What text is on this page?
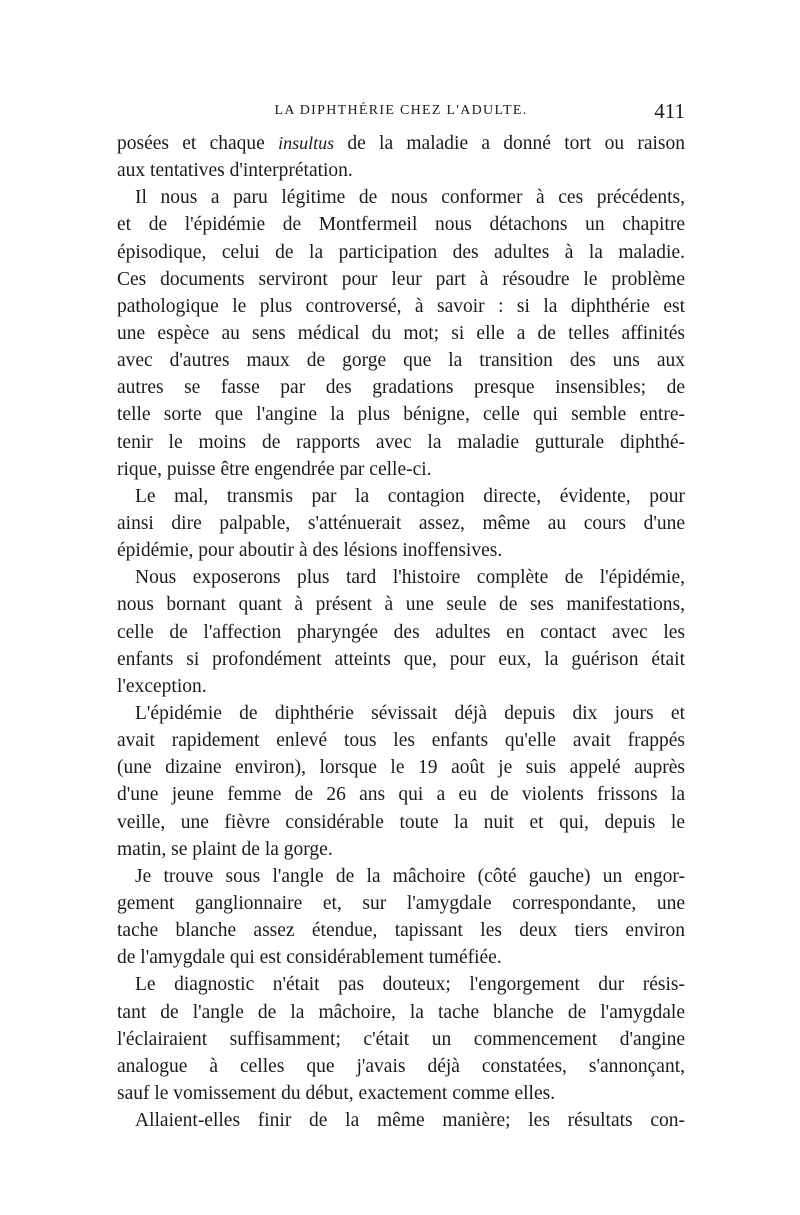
LA DIPHTHÉRIE CHEZ L'ADULTE.	411
posées et chaque insultus de la maladie a donné tort ou raison
aux tentatives d'interprétation.
Il nous a paru légitime de nous conformer à ces précédents,
et de l'épidémie de Montfermeil nous détachons un chapitre
épisodique, celui de la participation des adultes à la maladie.
Ces documents serviront pour leur part à résoudre le problème
pathologique le plus controversé, à savoir : si la diphthérie est
une espèce au sens médical du mot; si elle a de telles affinités
avec d'autres maux de gorge que la transition des uns aux
autres se fasse par des gradations presque insensibles; de
telle sorte que l'angine la plus bénigne, celle qui semble entre-
tenir le moins de rapports avec la maladie gutturale diphthé-
rique, puisse être engendrée par celle-ci.
Le mal, transmis par la contagion directe, évidente, pour
ainsi dire palpable, s'atténuerait assez, même au cours d'une
épidémie, pour aboutir à des lésions inoffensives.
Nous exposerons plus tard l'histoire complète de l'épidémie,
nous bornant quant à présent à une seule de ses manifestations,
celle de l'affection pharyngée des adultes en contact avec les
enfants si profondément atteints que, pour eux, la guérison était
l'exception.
L'épidémie de diphthérie sévissait déjà depuis dix jours et
avait rapidement enlevé tous les enfants qu'elle avait frappés
(une dizaine environ), lorsque le 19 août je suis appelé auprès
d'une jeune femme de 26 ans qui a eu de violents frissons la
veille, une fièvre considérable toute la nuit et qui, depuis le
matin, se plaint de la gorge.
Je trouve sous l'angle de la mâchoire (côté gauche) un engor-
gement ganglionnaire et, sur l'amygdale correspondante, une
tache blanche assez étendue, tapissant les deux tiers environ
de l'amygdale qui est considérablement tuméfiée.
Le diagnostic n'était pas douteux; l'engorgement dur résis-
tant de l'angle de la mâchoire, la tache blanche de l'amygdale
l'éclairaient suffisamment; c'était un commencement d'angine
analogue à celles que j'avais déjà constatées, s'annonçant,
sauf le vomissement du début, exactement comme elles.
Allaient-elles finir de la même manière; les résultats con-
